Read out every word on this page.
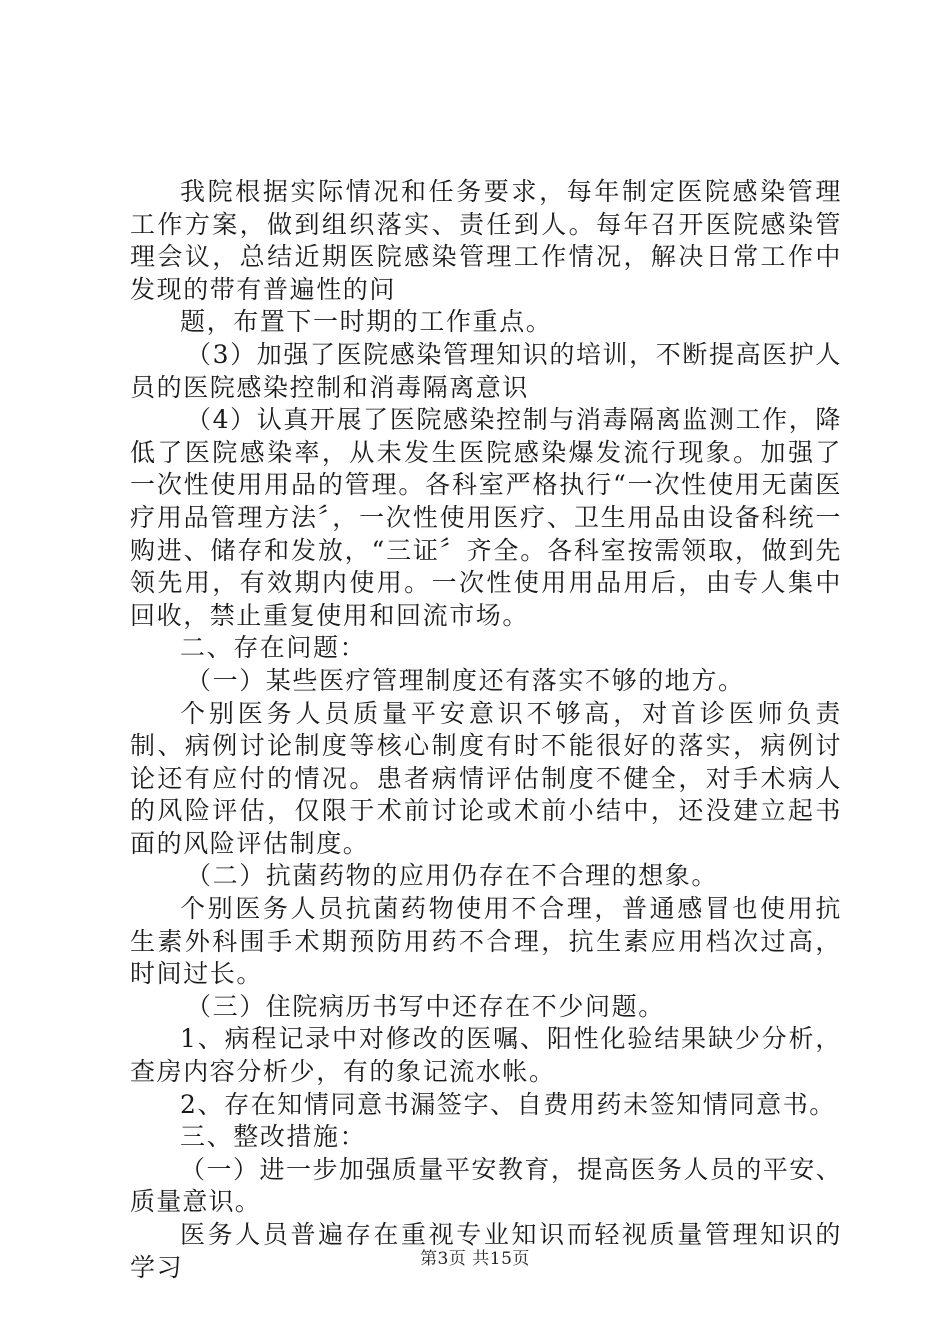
我院根据实际情况和任务要求，每年制定医院感染管理工作方案，做到组织落实、责任到人。每年召开医院感染管理会议，总结近期医院感染管理工作情况，解决日常工作中发现的带有普遍性的问

题，布置下一时期的工作重点。

（3）加强了医院感染管理知识的培训，不断提高医护人员的医院感染控制和消毒隔离意识

（4）认真开展了医院感染控制与消毒隔离监测工作，降低了医院感染率，从未发生医院感染爆发流行现象。加强了一次性使用用品的管理。各科室严格执行“一次性使用无菌医疗用品管理方法〞，一次性使用医疗、卫生用品由设备科统一购进、储存和发放，“三证〞齐全。各科室按需领取，做到先领先用，有效期内使用。一次性使用用品用后，由专人集中回收，禁止重复使用和回流市场。

二、存在问题：

（一）某些医疗管理制度还有落实不够的地方。

个别医务人员质量平安意识不够高，对首诊医师负责制、病例讨论制度等核心制度有时不能很好的落实，病例讨论还有应付的情况。患者病情评估制度不健全，对手术病人的风险评估，仅限于术前讨论或术前小结中，还没建立起书面的风险评估制度。

（二）抗菌药物的应用仍存在不合理的想象。

个别医务人员抗菌药物使用不合理，普通感冒也使用抗生素外科围手术期预防用药不合理，抗生素应用档次过高，时间过长。

（三）住院病历书写中还存在不少问题。

1、病程记录中对修改的医嘱、阳性化验结果缺少分析，查房内容分析少，有的象记流水帐。

2、存在知情同意书漏签字、自费用药未签知情同意书。

三、整改措施：

（一）进一步加强质量平安教育，提高医务人员的平安、质量意识。

医务人员普遍存在重视专业知识而轻视质量管理知识的学习	第3页 共15页
